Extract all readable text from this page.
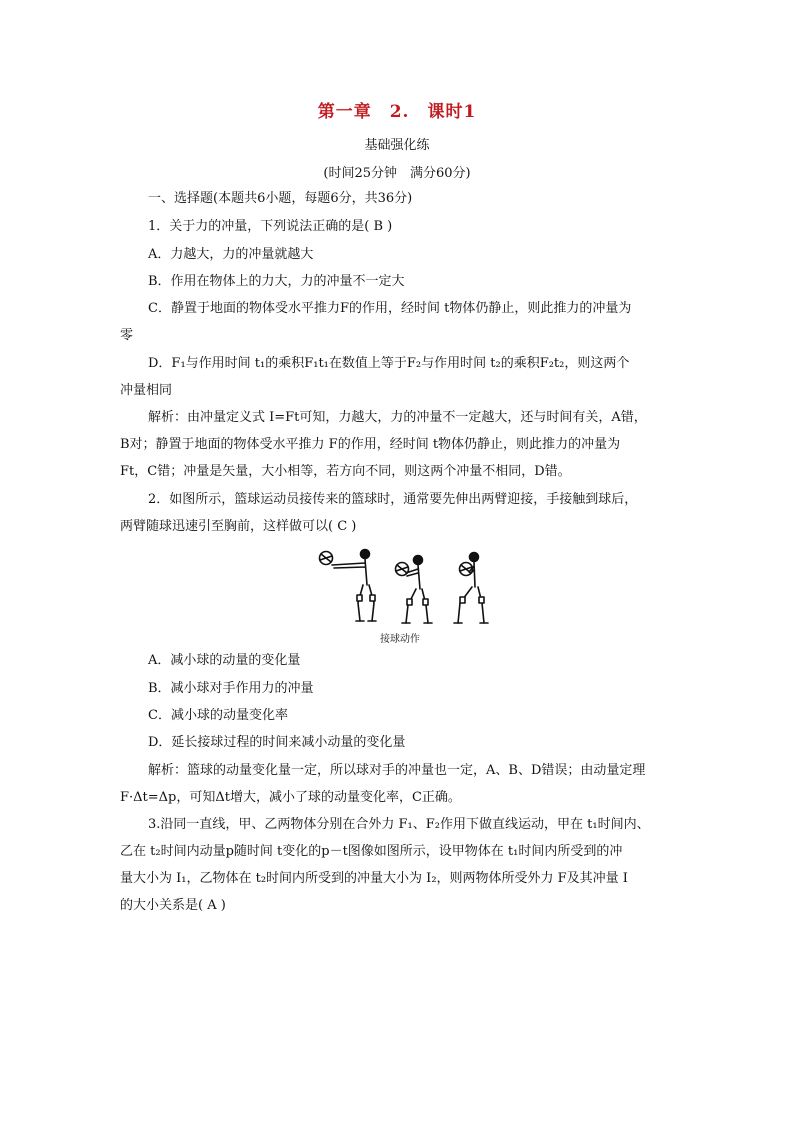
第一章　2.　课时1
基础强化练
(时间25分钟　满分60分)
一、选择题(本题共6小题，每题6分，共36分)
1．关于力的冲量，下列说法正确的是( B )
A．力越大，力的冲量就越大
B．作用在物体上的力大，力的冲量不一定大
C．静置于地面的物体受水平推力F的作用，经时间 t物体仍静止，则此推力的冲量为
零
D．F₁与作用时间 t₁的乘积F₁t₁在数值上等于F₂与作用时间 t₂的乘积F₂t₂，则这两个
冲量相同
解析：由冲量定义式 I=Ft可知，力越大，力的冲量不一定越大，还与时间有关，A错，
B对；静置于地面的物体受水平推力 F的作用，经时间 t物体仍静止，则此推力的冲量为
Ft，C错；冲量是矢量，大小相等，若方向不同，则这两个冲量不相同，D错。
2．如图所示，篮球运动员接传来的篮球时，通常要先伸出两臂迎接，手接触到球后，
两臂随球迅速引至胸前，这样做可以( C )
接球动作
A．减小球的动量的变化量
B．减小球对手作用力的冲量
C．减小球的动量变化率
D．延长接球过程的时间来减小动量的变化量
解析：篮球的动量变化量一定，所以球对手的冲量也一定，A、B、D错误；由动量定理
F·Δt=Δp，可知Δt增大，减小了球的动量变化率，C正确。
3.沿同一直线，甲、乙两物体分别在合外力 F₁、F₂作用下做直线运动，甲在 t₁时间内、
乙在 t₂时间内动量p随时间 t变化的p－t图像如图所示，设甲物体在 t₁时间内所受到的冲
量大小为 I₁，乙物体在 t₂时间内所受到的冲量大小为 I₂，则两物体所受外力 F及其冲量 I
的大小关系是( A )
